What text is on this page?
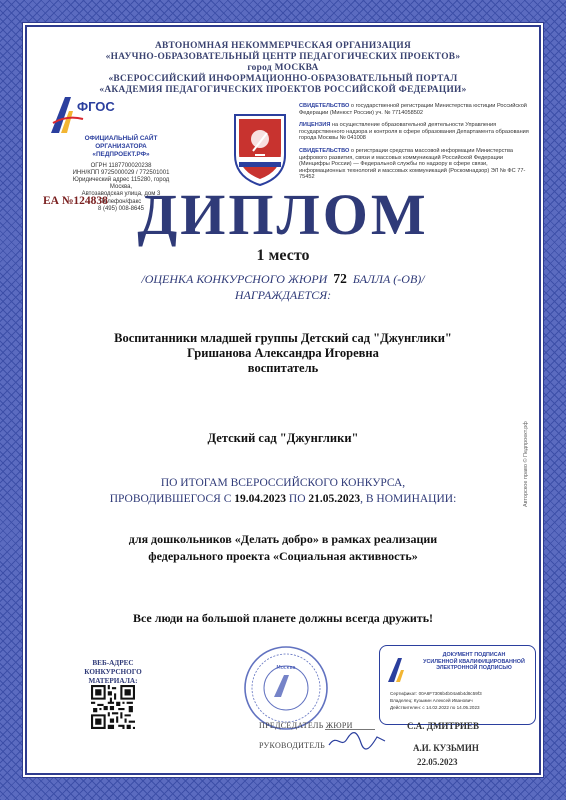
АВТОНОМНАЯ НЕКОММЕРЧЕСКАЯ ОРГАНИЗАЦИЯ
«НАУЧНО-ОБРАЗОВАТЕЛЬНЫЙ ЦЕНТР ПЕДАГОГИЧЕСКИХ ПРОЕКТОВ»
город МОСКВА
«ВСЕРОССИЙСКИЙ ИНФОРМАЦИОННО-ОБРАЗОВАТЕЛЬНЫЙ ПОРТАЛ
«АКАДЕМИЯ ПЕДАГОГИЧЕСКИХ ПРОЕКТОВ РОССИЙСКОЙ ФЕДЕРАЦИИ»
ФГОС
ОФИЦИАЛЬНЫЙ САЙТ
ОРГАНИЗАТОРА
«ПЕДПРОЕКТ.РФ»
ОГРН 1187700020238
ИНН/КПП 9725000029 / 772501001
Юридический адрес 115280, город Москва,
Автозаводская улица, дом 3
Телефон/факс
8 (495) 008-8645

СВИДЕТЕЛЬСТВО о государственной регистрации Министерства юстиции Российской Федерации (Минюст России) уч. № 7714058502

ЛИЦЕНЗИЯ на осуществление образовательной деятельности Управления государственного надзора и контроля в сфере образования Департамента образования города Москвы № 041008

СВИДЕТЕЛЬСТВО о регистрации средства массовой информации Министерства цифрового развития, связи и массовых коммуникаций Российской Федерации (Минцифры России) — Федеральной службы по надзору в сфере связи, информационных технологий и массовых коммуникаций (Роскомнадзор) ЭЛ № ФС 77-75452

ЕА №124838 ДИПЛОМ
1 место
/ОЦЕНКА КОНКУРСНОГО ЖЮРИ 72 БАЛЛА (-ОВ)/
НАГРАЖДАЕТСЯ:
Воспитанники младшей группы Детский сад "Джунглики"
Гришанова Александра Игоревна
воспитатель
Детский сад "Джунглики"
ПО ИТОГАМ ВСЕРОССИЙСКОГО КОНКУРСА,
ПРОВОДИВШЕГОСЯ С 19.04.2023 ПО 21.05.2023, В НОМИНАЦИИ:
для дошкольников «Делать добро» в рамках реализации
федерального проекта «Социальная активность»
Все люди на большой планете должны всегда дружить!
Авторское право © Педпроект.рф
ВЕБ-АДРЕС
КОНКУРСНОГО МАТЕРИАЛА:
Москва
ДОКУМЕНТ ПОДПИСАН
УСИЛЕННОЙ КВАЛИФИЦИРОВАННОЙ
ЭЛЕКТРОННОЙ ПОДПИСЬЮ
Сертификат: 00A6F7306b4b04a6b4d8c59f3
Владелец: Кузьмин Алексей Иванович
Действителен: с 14.02.2022 по 14.05.2023
ПРЕДСЕДАТЕЛЬ ЖЮРИ	С.А. ДМИТРИЕВ
РУКОВОДИТЕЛЬ	А.И. КУЗЬМИН
22.05.2023
